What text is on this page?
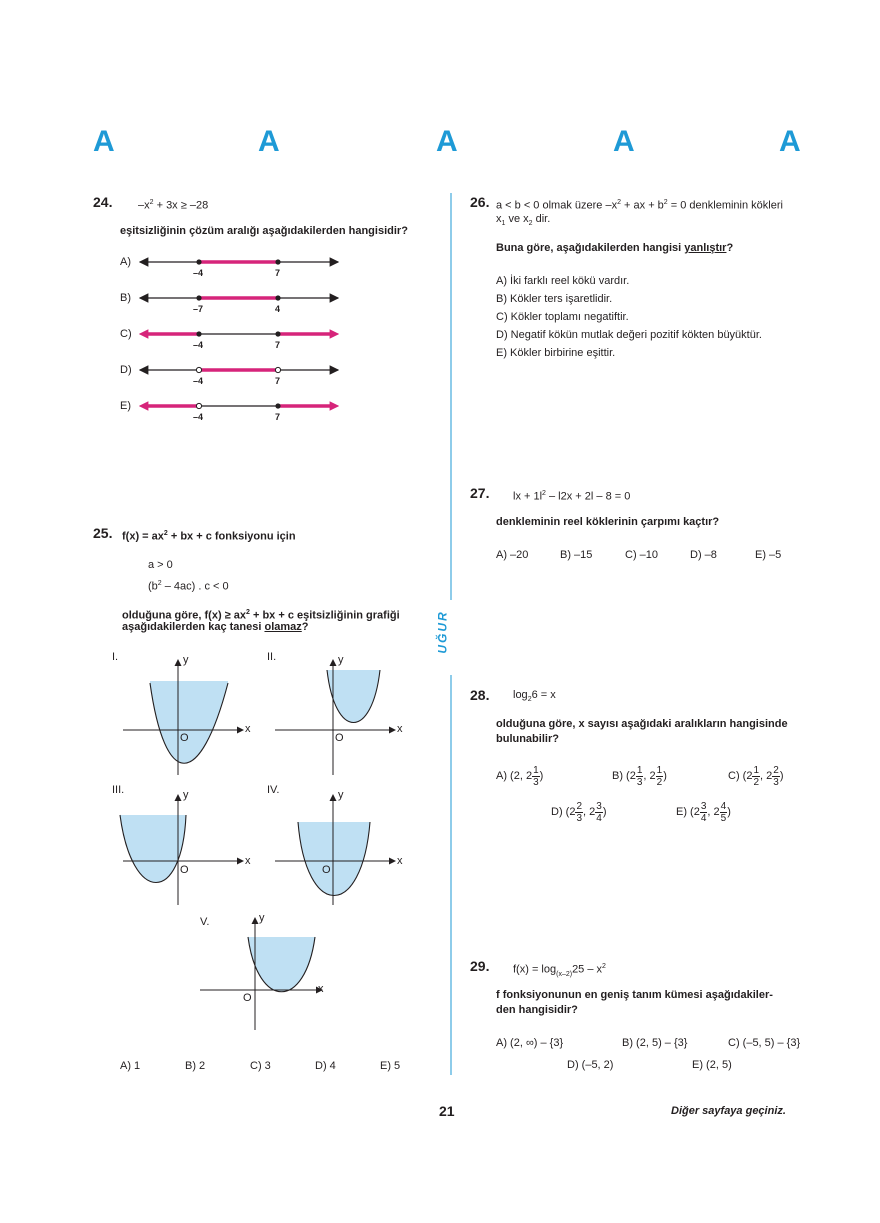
A	A	A	A	A
UĞUR
24. $-x^2 + 3x \ge -28$
eşitsizliğinin çözüm aralığı aşağıdakilerden hangisidir?
A)
B)
C)
D)
E)
–4	7
–7	4
–4	7
–4	7
–4	7
25. $f(x) = ax^2$ + bx + c fonksiyonu için
a > 0
$(b^2 - 4ac)$ . c < 0
olduğuna göre, $f(x) \ge ax^2$ + bx + c eşitsizliğinin grafiği
aşağıdakilerden kaç tanesi olamaz?
I.	II.
III.	IV.
V.
y
x
O
y
x
O
y
x
O
y
x
O
y
x
O
A) 1	B) 2	C) 3	D) 4	E) 5
26. a < b < 0 olmak üzere $-x^2$ + ax + $b^2 = 0$ denkleminin kökleri
$x_1$ ve $x_2$ dir.
Buna göre, aşağıdakilerden hangisi yanlıştır?
A) İki farklı reel kökü vardır.
B) Kökler ters işaretlidir.
C) Kökler toplamı negatiftir.
D) Negatif kökün mutlak değeri pozitif kökten büyüktür.
E) Kökler birbirine eşittir.
27. lx + $1l^2 - l2x + 2l - 8 = 0$
denkleminin reel köklerinin çarpımı kaçtır?
A) –20	B) –15	C) –10	D) –8	E) –5
28. $\log_26 = x$
olduğuna göre, x sayısı aşağıdaki aralıkların hangisinde
bulunabilir?
A) (2, $2 \frac{1}{3}$ )	B) ($2 \frac{1}{3}$ , $2 \frac{1}{2}$ )	C) ($2 \frac{1}{2}$ , $2 \frac{2}{3}$ )
D) ($2 \frac{2}{3}$ , $2 \frac{3}{4}$ )	E) ($2 \frac{3}{4}$ , $2 \frac{4}{5}$ )
29. $f(x) = \log_{(x-2)}25 - x^2$
f fonksiyonunun en geniş tanım kümesi aşağıdakiler-
den hangisidir?
A) (2, ∞) – {3}	B) (2, 5) – {3}	C) (–5, 5) – {3}
D) (–5, 2)	E) (2, 5)
21	Diğer sayfaya geçiniz.
